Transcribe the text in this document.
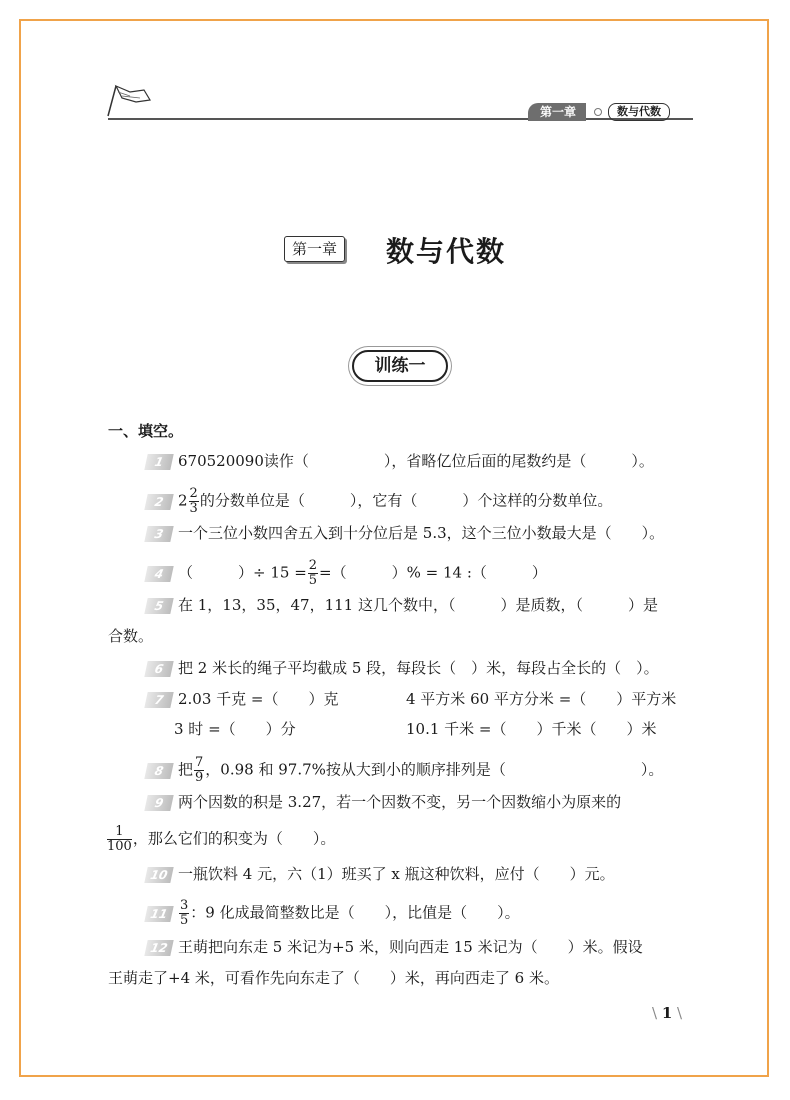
第一章	数与代数
第一章 数与代数
训练一
一、填空。
1 670520090读作（　　　　　），省略亿位后面的尾数约是（　　　）。
2 $2 \frac{2}{3}$ 的分数单位是（　　　），它有（　　　）个这样的分数单位。
3 一个三位小数四舍五入到十分位后是 5.3，这个三位小数最大是（　　）。
4 （　　　）÷ $15 = \frac{2}{5}$ =（　　　）% = 14 :（　　　）
5 在 1，13，35，47，111 这几个数中，（　　　）是质数，（　　　）是
合数。
6 把 2 米长的绳子平均截成 5 段，每段长（　）米，每段占全长的（　）。
7 2.03 千克 =（　　）克	4 平方米 60 平方分米 =（　　）平方米
3 时 =（　　）分	10.1 千米 =（　　）千米（　　）米
8 把 $\frac{7}{9}$ ，0.98 和 97.7%按从大到小的顺序排列是（　　　　　　　　　）。
9 两个因数的积是 3.27，若一个因数不变，另一个因数缩小为原来的
$\frac{1}{100}$ ，那么它们的积变为（　　）。
10 一瓶饮料 4 元，六（1）班买了 x 瓶这种饮料，应付（　　）元。
$11 \frac{3}{5}$ ：9 化成最简整数比是（　　），比值是（　　）。
12 王萌把向东走 5 米记为+5 米，则向西走 15 米记为（　　）米。假设
王萌走了+4 米，可看作先向东走了（　　）米，再向西走了 6 米。
\ 1 \
